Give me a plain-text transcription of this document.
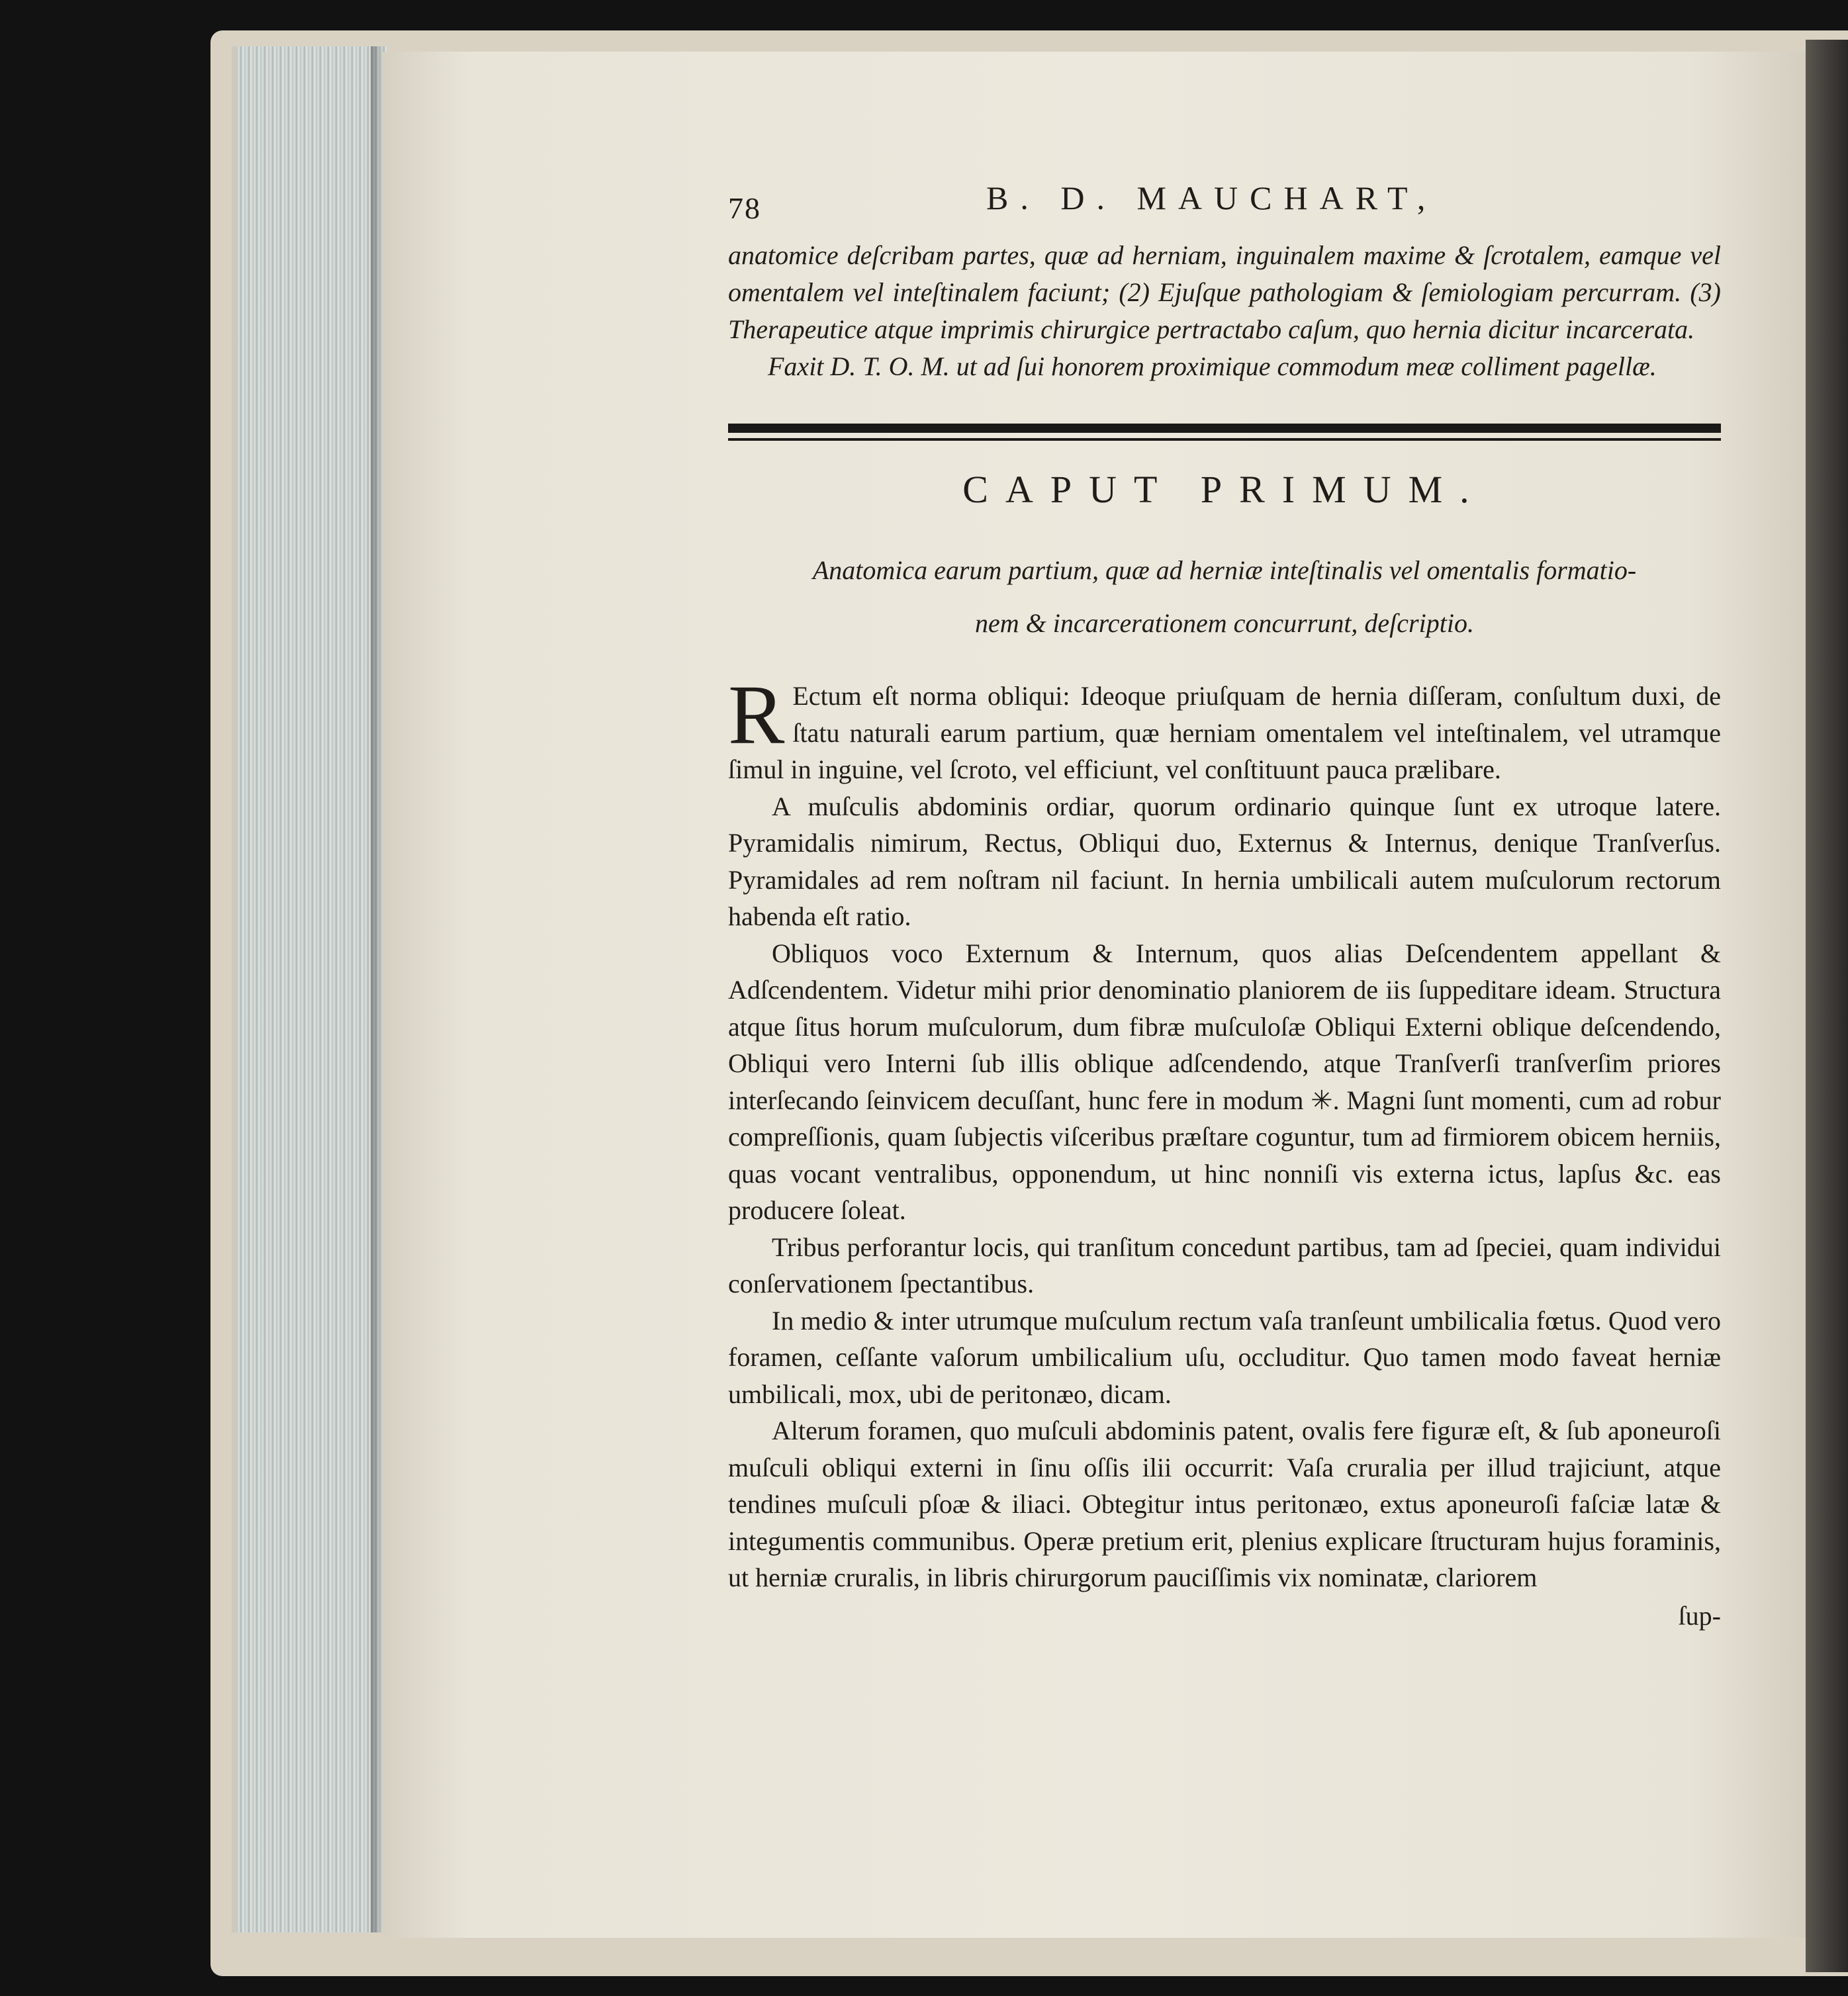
78	B. D. MAUCHART,

anatomice deſcribam partes, quæ ad herniam, inguinalem maxime & ſcrotalem, eamque vel omentalem vel inteſtinalem faciunt; (2) Ejuſque pathologiam & ſemiologiam percurram. (3) Therapeutice atque imprimis chirurgice pertractabo caſum, quo hernia dicitur incarcerata.

Faxit D. T. O. M. ut ad ſui honorem proximique commodum meæ colliment pagellæ.

CAPUT PRIMUM.
Anatomica earum partium, quæ ad herniæ inteſtinalis vel omentalis formatio-
nem & incarcerationem concurrunt, deſcriptio.

R Ectum eſt norma obliqui: Ideoque priuſquam de hernia diſſeram, conſultum duxi, de ſtatu naturali earum partium, quæ herniam omentalem vel inteſtinalem, vel utramque ſimul in inguine, vel ſcroto, vel efficiunt, vel conſtituunt pauca prælibare.

A muſculis abdominis ordiar, quorum ordinario quinque ſunt ex utroque latere. Pyramidalis nimirum, Rectus, Obliqui duo, Externus & Internus, denique Tranſverſus. Pyramidales ad rem noſtram nil faciunt. In hernia umbilicali autem muſculorum rectorum habenda eſt ratio.

Obliquos voco Externum & Internum, quos alias Deſcendentem appellant & Adſcendentem. Videtur mihi prior denominatio planiorem de iis ſuppeditare ideam. Structura atque ſitus horum muſculorum, dum fibræ muſculoſæ Obliqui Externi oblique deſcendendo, Obliqui vero Interni ſub illis oblique adſcendendo, atque Tranſverſi tranſverſim priores interſecando ſeinvicem decuſſant, hunc fere in modum ✳. Magni ſunt momenti, cum ad robur compreſſionis, quam ſubjectis viſceribus præſtare coguntur, tum ad firmiorem obicem herniis, quas vocant ventralibus, opponendum, ut hinc nonniſi vis externa ictus, lapſus &c. eas producere ſoleat.

Tribus perforantur locis, qui tranſitum concedunt partibus, tam ad ſpeciei, quam individui conſervationem ſpectantibus.

In medio & inter utrumque muſculum rectum vaſa tranſeunt umbilicalia fœtus. Quod vero foramen, ceſſante vaſorum umbilicalium uſu, occluditur. Quo tamen modo faveat herniæ umbilicali, mox, ubi de peritonæo, dicam.

Alterum foramen, quo muſculi abdominis patent, ovalis fere figuræ eſt, & ſub aponeuroſi muſculi obliqui externi in ſinu oſſis ilii occurrit: Vaſa cruralia per illud trajiciunt, atque tendines muſculi pſoæ & iliaci. Obtegitur intus peritonæo, extus aponeuroſi faſciæ latæ & integumentis communibus. Operæ pretium erit, plenius explicare ſtructuram hujus foraminis, ut herniæ cruralis, in libris chirurgorum pauciſſimis vix nominatæ, clariorem

ſup-
